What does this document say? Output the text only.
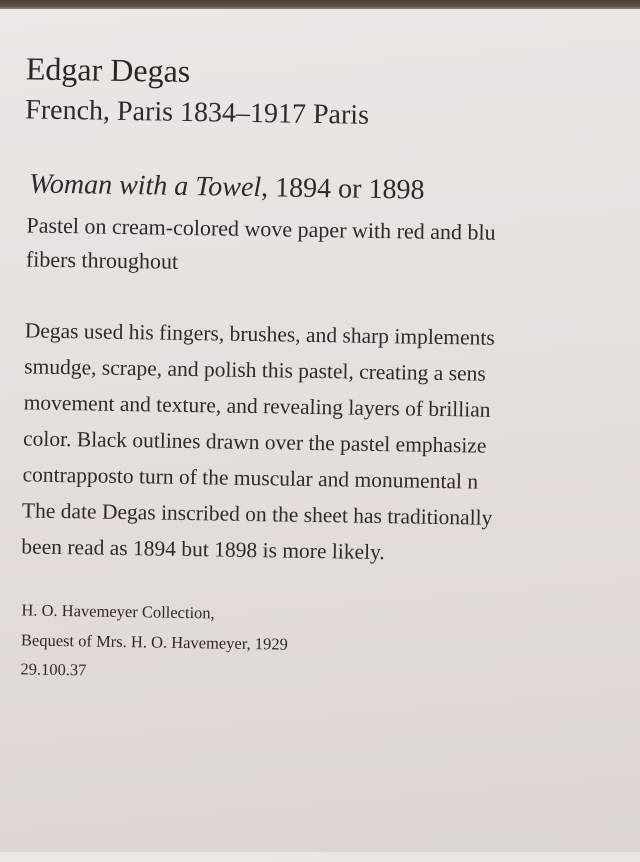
Edgar Degas

French, Paris 1834–1917 Paris

Woman with a Towel, 1894 or 1898

Pastel on cream-colored wove paper with red and blu

fibers throughout

Degas used his fingers, brushes, and sharp implements

smudge, scrape, and polish this pastel, creating a sens

movement and texture, and revealing layers of brillian

color. Black outlines drawn over the pastel emphasize

contrapposto turn of the muscular and monumental n

The date Degas inscribed on the sheet has traditionally

been read as 1894 but 1898 is more likely.

H. O. Havemeyer Collection,

Bequest of Mrs. H. O. Havemeyer, 1929

29.100.37
